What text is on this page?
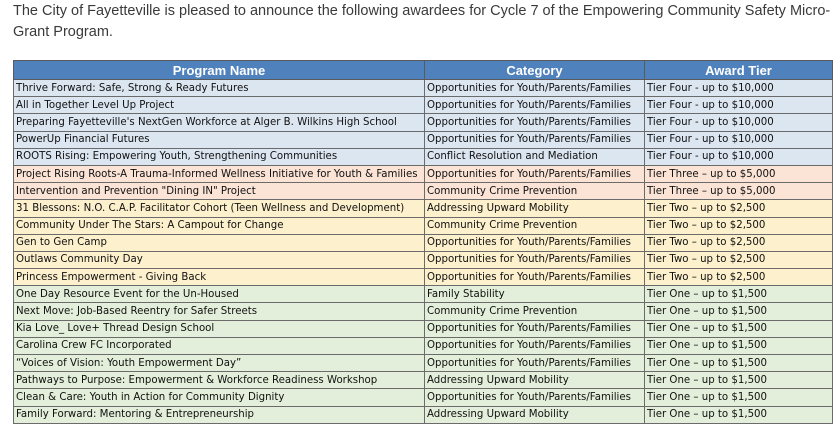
The City of Fayetteville is pleased to announce the following awardees for Cycle 7 of the Empowering Community Safety Micro-Grant Program.
Program Name	Category	Award Tier
Thrive Forward: Safe, Strong & Ready Futures	Opportunities for Youth/Parents/Families	Tier Four - up to $10,000
All in Together Level Up Project	Opportunities for Youth/Parents/Families	Tier Four - up to $10,000
Preparing Fayetteville's NextGen Workforce at Alger B. Wilkins High School	Opportunities for Youth/Parents/Families	Tier Four - up to $10,000
PowerUp Financial Futures	Opportunities for Youth/Parents/Families	Tier Four - up to $10,000
ROOTS Rising: Empowering Youth, Strengthening Communities	Conflict Resolution and Mediation	Tier Four - up to $10,000
Project Rising Roots-A Trauma-Informed Wellness Initiative for Youth & Families	Opportunities for Youth/Parents/Families	Tier Three – up to $5,000
Intervention and Prevention "Dining IN" Project	Community Crime Prevention	Tier Three – up to $5,000
31 Blessons: N.O. C.A.P. Facilitator Cohort (Teen Wellness and Development)	Addressing Upward Mobility	Tier Two – up to $2,500
Community Under The Stars: A Campout for Change	Community Crime Prevention	Tier Two – up to $2,500
Gen to Gen Camp	Opportunities for Youth/Parents/Families	Tier Two – up to $2,500
Outlaws Community Day	Opportunities for Youth/Parents/Families	Tier Two – up to $2,500
Princess Empowerment - Giving Back	Opportunities for Youth/Parents/Families	Tier Two – up to $2,500
One Day Resource Event for the Un-Housed	Family Stability	Tier One – up to $1,500
Next Move: Job-Based Reentry for Safer Streets	Community Crime Prevention	Tier One – up to $1,500
Kia Love_ Love+ Thread Design School	Opportunities for Youth/Parents/Families	Tier One – up to $1,500
Carolina Crew FC Incorporated	Opportunities for Youth/Parents/Families	Tier One – up to $1,500
“Voices of Vision: Youth Empowerment Day”	Opportunities for Youth/Parents/Families	Tier One – up to $1,500
Pathways to Purpose: Empowerment & Workforce Readiness Workshop	Addressing Upward Mobility	Tier One – up to $1,500
Clean & Care: Youth in Action for Community Dignity	Opportunities for Youth/Parents/Families	Tier One – up to $1,500
Family Forward: Mentoring & Entrepreneurship	Addressing Upward Mobility	Tier One – up to $1,500
